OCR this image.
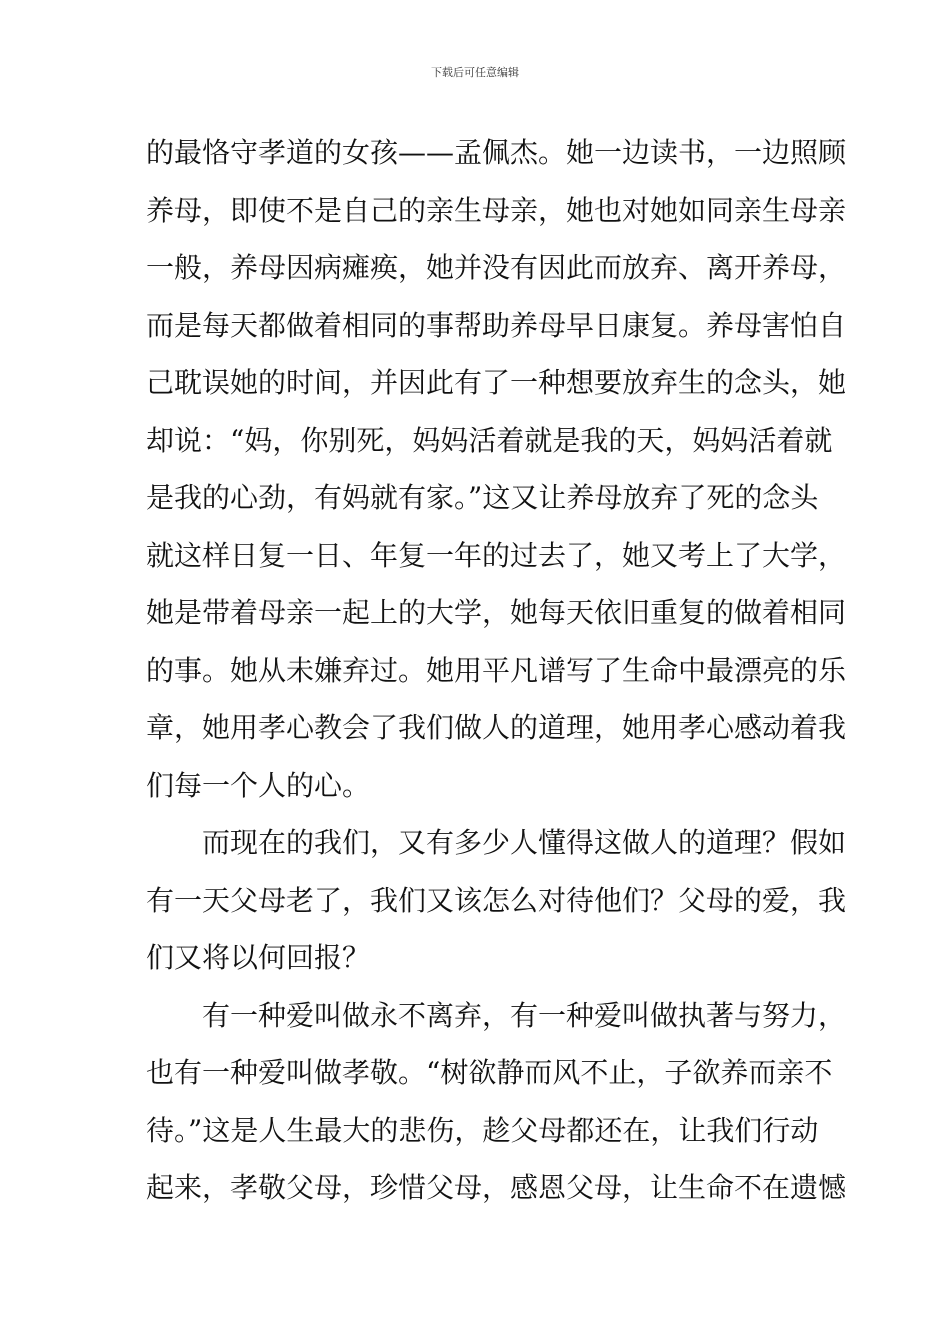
下载后可任意编辑
的最恪守孝道的女孩——孟佩杰。她一边读书，一边照顾
养母，即使不是自己的亲生母亲，她也对她如同亲生母亲
一般，养母因病瘫痪，她并没有因此而放弃、离开养母，
而是每天都做着相同的事帮助养母早日康复。养母害怕自
己耽误她的时间，并因此有了一种想要放弃生的念头，她
却说：“妈，你别死，妈妈活着就是我的天，妈妈活着就
是我的心劲，有妈就有家。”这又让养母放弃了死的念头
就这样日复一日、年复一年的过去了，她又考上了大学，
她是带着母亲一起上的大学，她每天依旧重复的做着相同
的事。她从未嫌弃过。她用平凡谱写了生命中最漂亮的乐
章，她用孝心教会了我们做人的道理，她用孝心感动着我
们每一个人的心。
而现在的我们，又有多少人懂得这做人的道理？假如
有一天父母老了，我们又该怎么对待他们？父母的爱，我
们又将以何回报？
有一种爱叫做永不离弃，有一种爱叫做执著与努力，
也有一种爱叫做孝敬。“树欲静而风不止，子欲养而亲不
待。”这是人生最大的悲伤，趁父母都还在，让我们行动
起来，孝敬父母，珍惜父母，感恩父母，让生命不在遗憾
